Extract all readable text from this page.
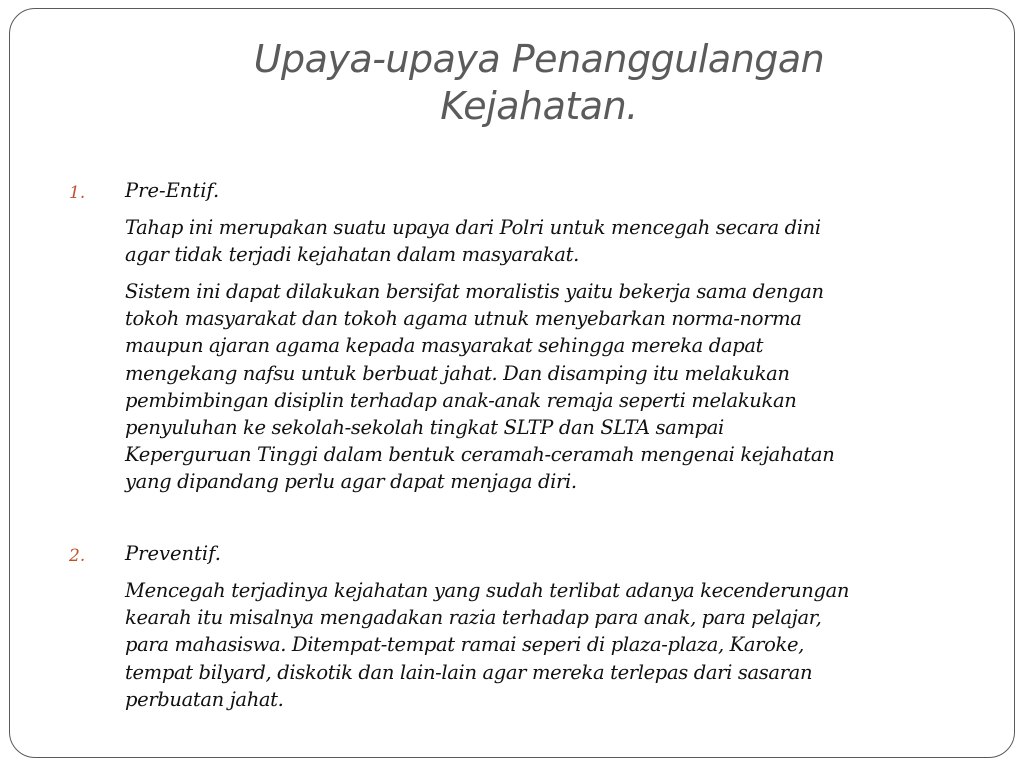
Upaya-upaya Penanggulangan
Kejahatan.
1. Pre-Entif.
Tahap ini merupakan suatu upaya dari Polri untuk mencegah secara dini
agar tidak terjadi kejahatan dalam masyarakat.
Sistem ini dapat dilakukan bersifat moralistis yaitu bekerja sama dengan
tokoh masyarakat dan tokoh agama utnuk menyebarkan norma-norma
maupun ajaran agama kepada masyarakat sehingga mereka dapat
mengekang nafsu untuk berbuat jahat. Dan disamping itu melakukan
pembimbingan disiplin terhadap anak-anak remaja seperti melakukan
penyuluhan ke sekolah-sekolah tingkat SLTP dan SLTA sampai
Keperguruan Tinggi dalam bentuk ceramah-ceramah mengenai kejahatan
yang dipandang perlu agar dapat menjaga diri.
2. Preventif.
Mencegah terjadinya kejahatan yang sudah terlibat adanya kecenderungan
kearah itu misalnya mengadakan razia terhadap para anak, para pelajar,
para mahasiswa. Ditempat-tempat ramai seperi di plaza-plaza, Karoke,
tempat bilyard, diskotik dan lain-lain agar mereka terlepas dari sasaran
perbuatan jahat.
